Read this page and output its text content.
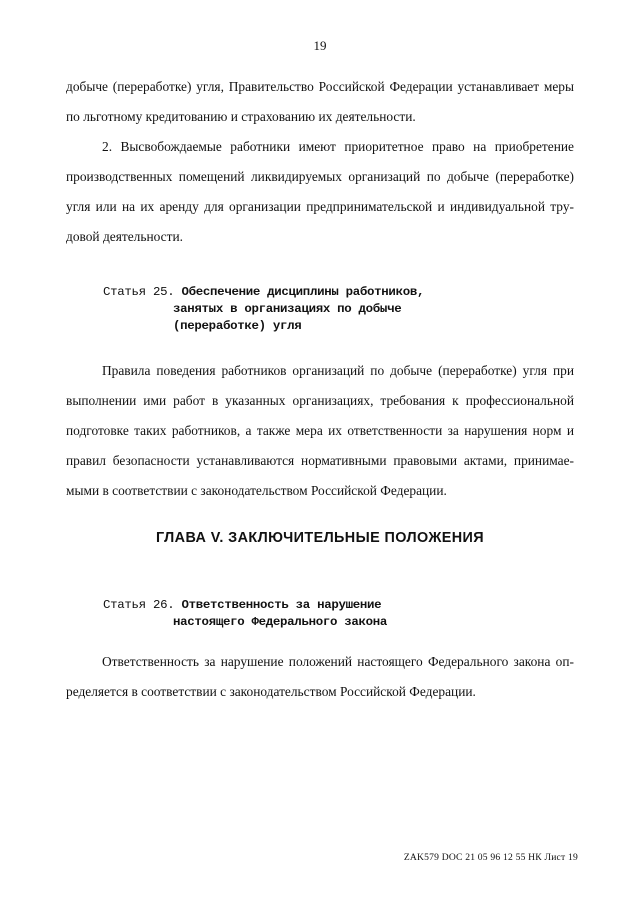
19

добыче (переработке) угля, Правительство Российской Федерации устанавливает меры
по льготному кредитованию и страхованию их деятельности.

2. Высвобождаемые работники имеют приоритетное право на приобретение
производственных помещений ликвидируемых организаций по добыче (переработке)
угля или на их аренду для организации предпринимательской и индивидуальной тру-
довой деятельности.

Статья 25. Обеспечение дисциплины работников,
занятых в организациях по добыче
(переработке) угля

Правила поведения работников организаций по добыче (переработке) угля при
выполнении ими работ в указанных организациях, требования к профессиональной
подготовке таких работников, а также мера их ответственности за нарушения норм и
правил безопасности устанавливаются нормативными правовыми актами, принимае-
мыми в соответствии с законодательством Российской Федерации.

ГЛАВА V. ЗАКЛЮЧИТЕЛЬНЫЕ ПОЛОЖЕНИЯ
Статья 26. Ответственность за нарушение
настоящего Федерального закона

Ответственность за нарушение положений настоящего Федерального закона оп-
ределяется в соответствии с законодательством Российской Федерации.

ZAK579 DOC 21 05 96 12 55 НК Лист 19
